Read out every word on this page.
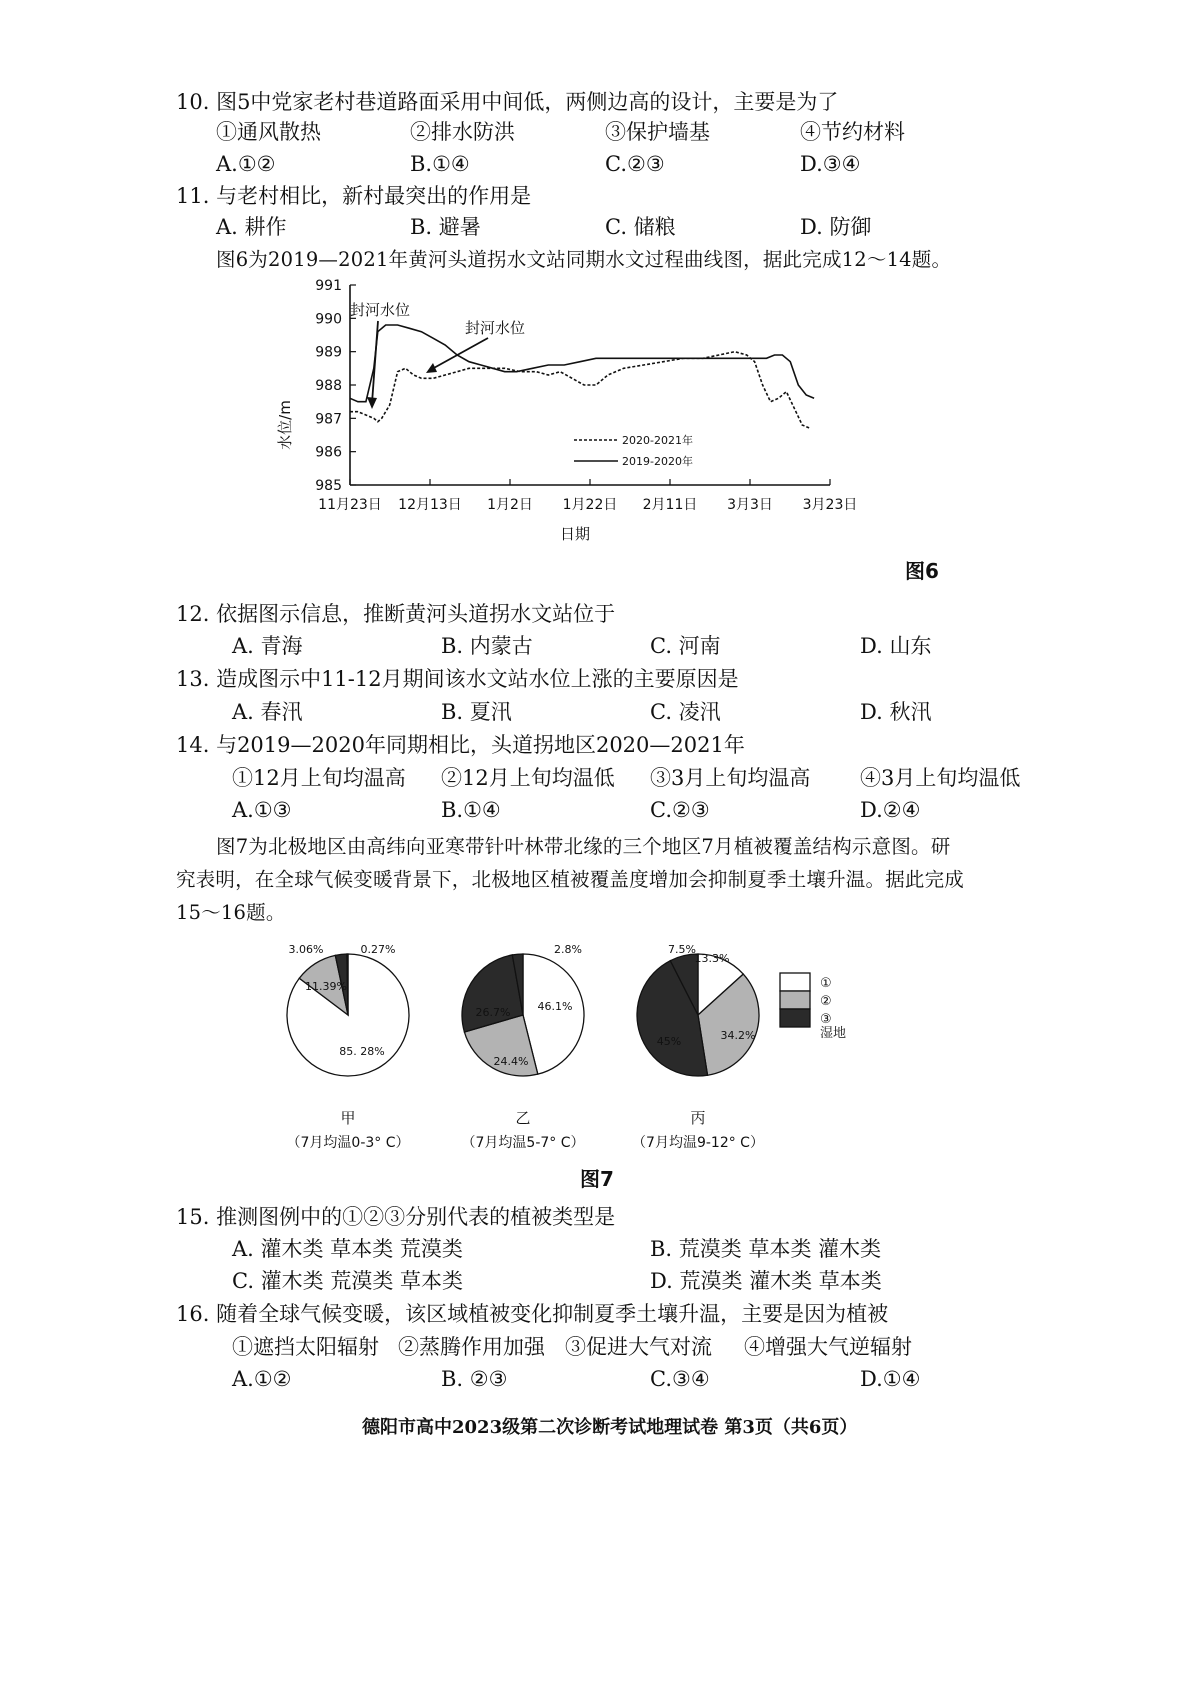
10. 图5中党家老村巷道路面采用中间低，两侧边高的设计，主要是为了
①通风散热	②排水防洪	③保护墙基	④节约材料
A.①②	B.①④	C.②③	D.③④
11. 与老村相比，新村最突出的作用是
A. 耕作	B. 避暑	C. 储粮	D. 防御
图6为2019—2021年黄河头道拐水文站同期水文过程曲线图，据此完成12～14题。
985
986
987
988
989
990
991
11月23日 12月13日 1月2日 1月22日 2月11日 3月3日 3月23日
水位/m
日期
封河水位
封河水位
2020-2021年
2019-2020年
图6
12. 依据图示信息，推断黄河头道拐水文站位于
A. 青海	B. 内蒙古	C. 河南	D. 山东
13. 造成图示中11-12月期间该水文站水位上涨的主要原因是
A. 春汛	B. 夏汛	C. 凌汛	D. 秋汛
14. 与2019—2020年同期相比，头道拐地区2020—2021年
①12月上旬均温高 ②12月上旬均温低 ③3月上旬均温高 ④3月上旬均温低
A.①③	B.①④	C.②③	D.②④
图7为北极地区由高纬向亚寒带针叶林带北缘的三个地区7月植被覆盖结构示意图。研
究表明，在全球气候变暖背景下，北极地区植被覆盖度增加会抑制夏季土壤升温。据此完成
15～16题。
85. 28%
11.39%
3.06%	0.27%
甲
（7月均温0-3° C）
46.1%
24.4%
26.7%
2.8%
乙
（7月均温5-7° C）
13.3%
34.2%
45%
7.5%
丙
（7月均温9-12° C）
①
②
③
湿地
图7
15. 推测图例中的①②③分别代表的植被类型是
A. 灌木类 草本类 荒漠类	B. 荒漠类 草本类 灌木类
C. 灌木类 荒漠类 草本类	D. 荒漠类 灌木类 草本类
16. 随着全球气候变暖，该区域植被变化抑制夏季土壤升温，主要是因为植被
①遮挡太阳辐射 ②蒸腾作用加强 ③促进大气对流 ④增强大气逆辐射
A.①②	B. ②③	C.③④	D.①④
德阳市高中2023级第二次诊断考试地理试卷 第3页（共6页）
